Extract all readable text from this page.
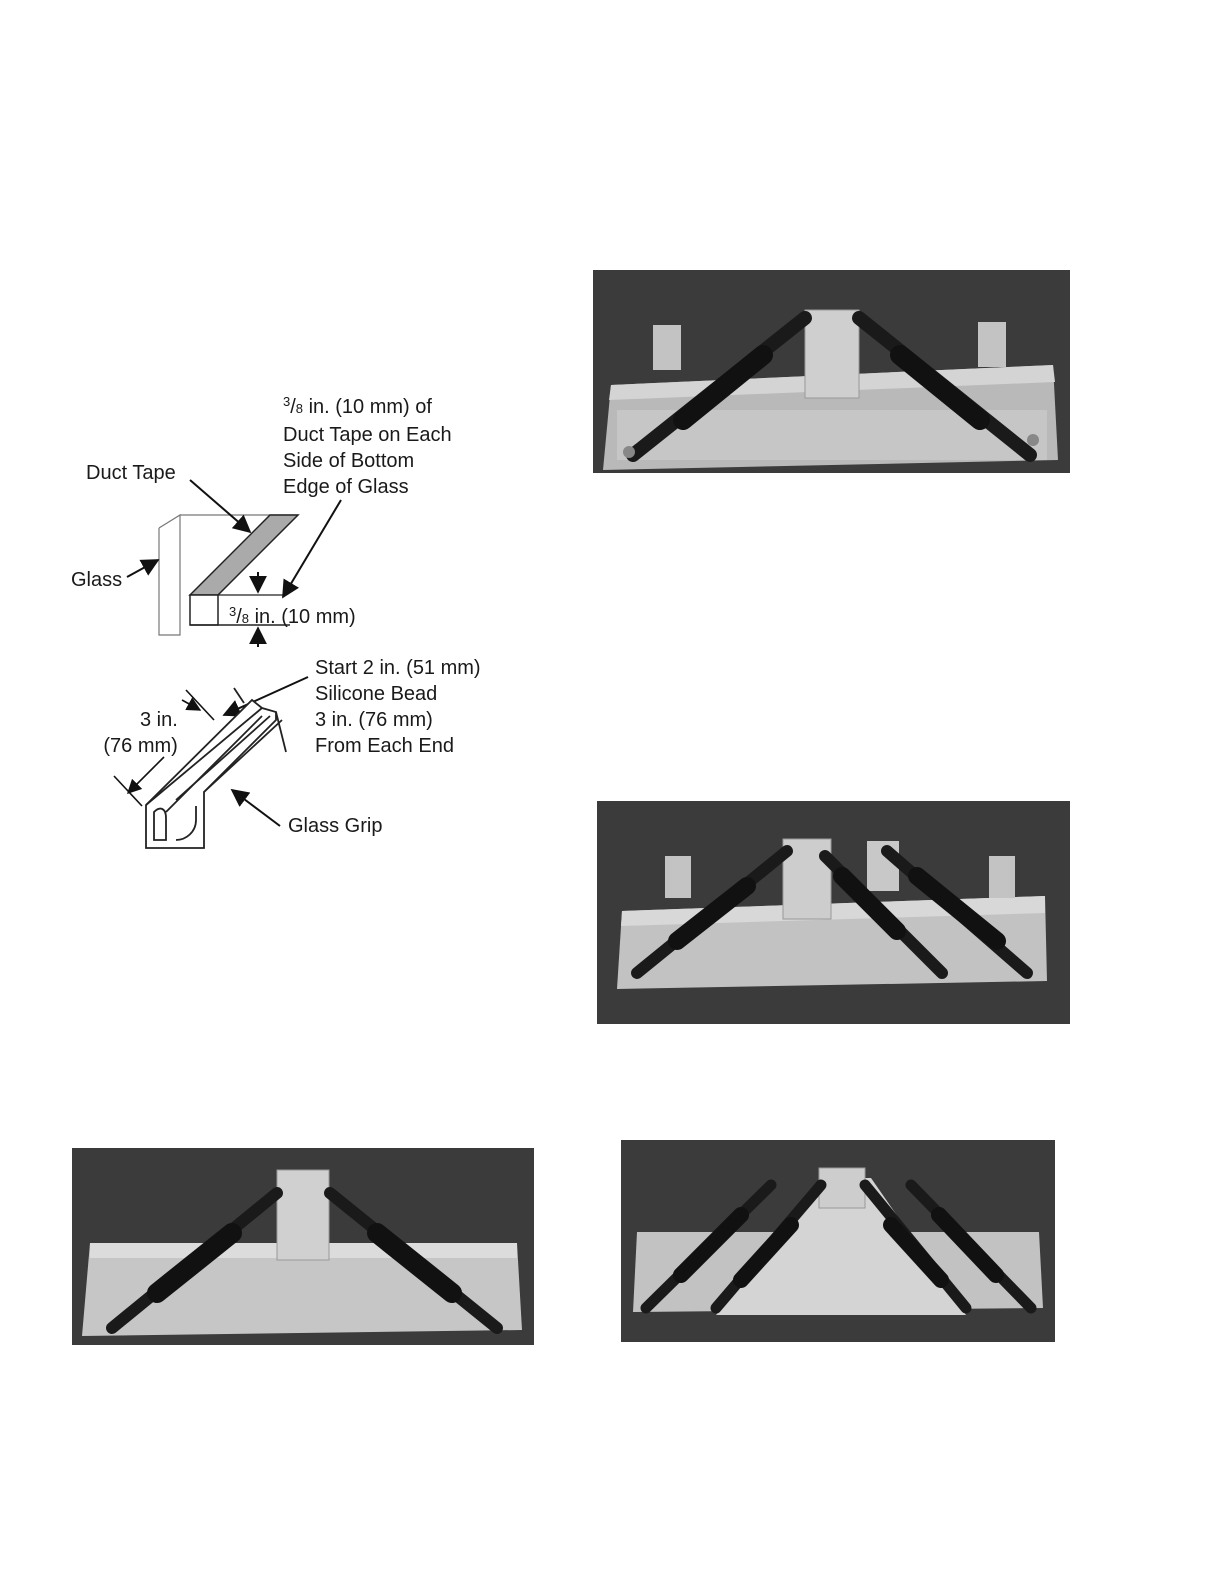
$^3$/8 in. (10 mm) of
Duct Tape on Each
Side of Bottom
Edge of Glass
Duct Tape
Glass
$^3$/8 in. (10 mm)
Start 2 in. (51 mm)
Silicone Bead
3 in. (76 mm)
From Each End
3 in.
(76 mm)
Glass Grip
